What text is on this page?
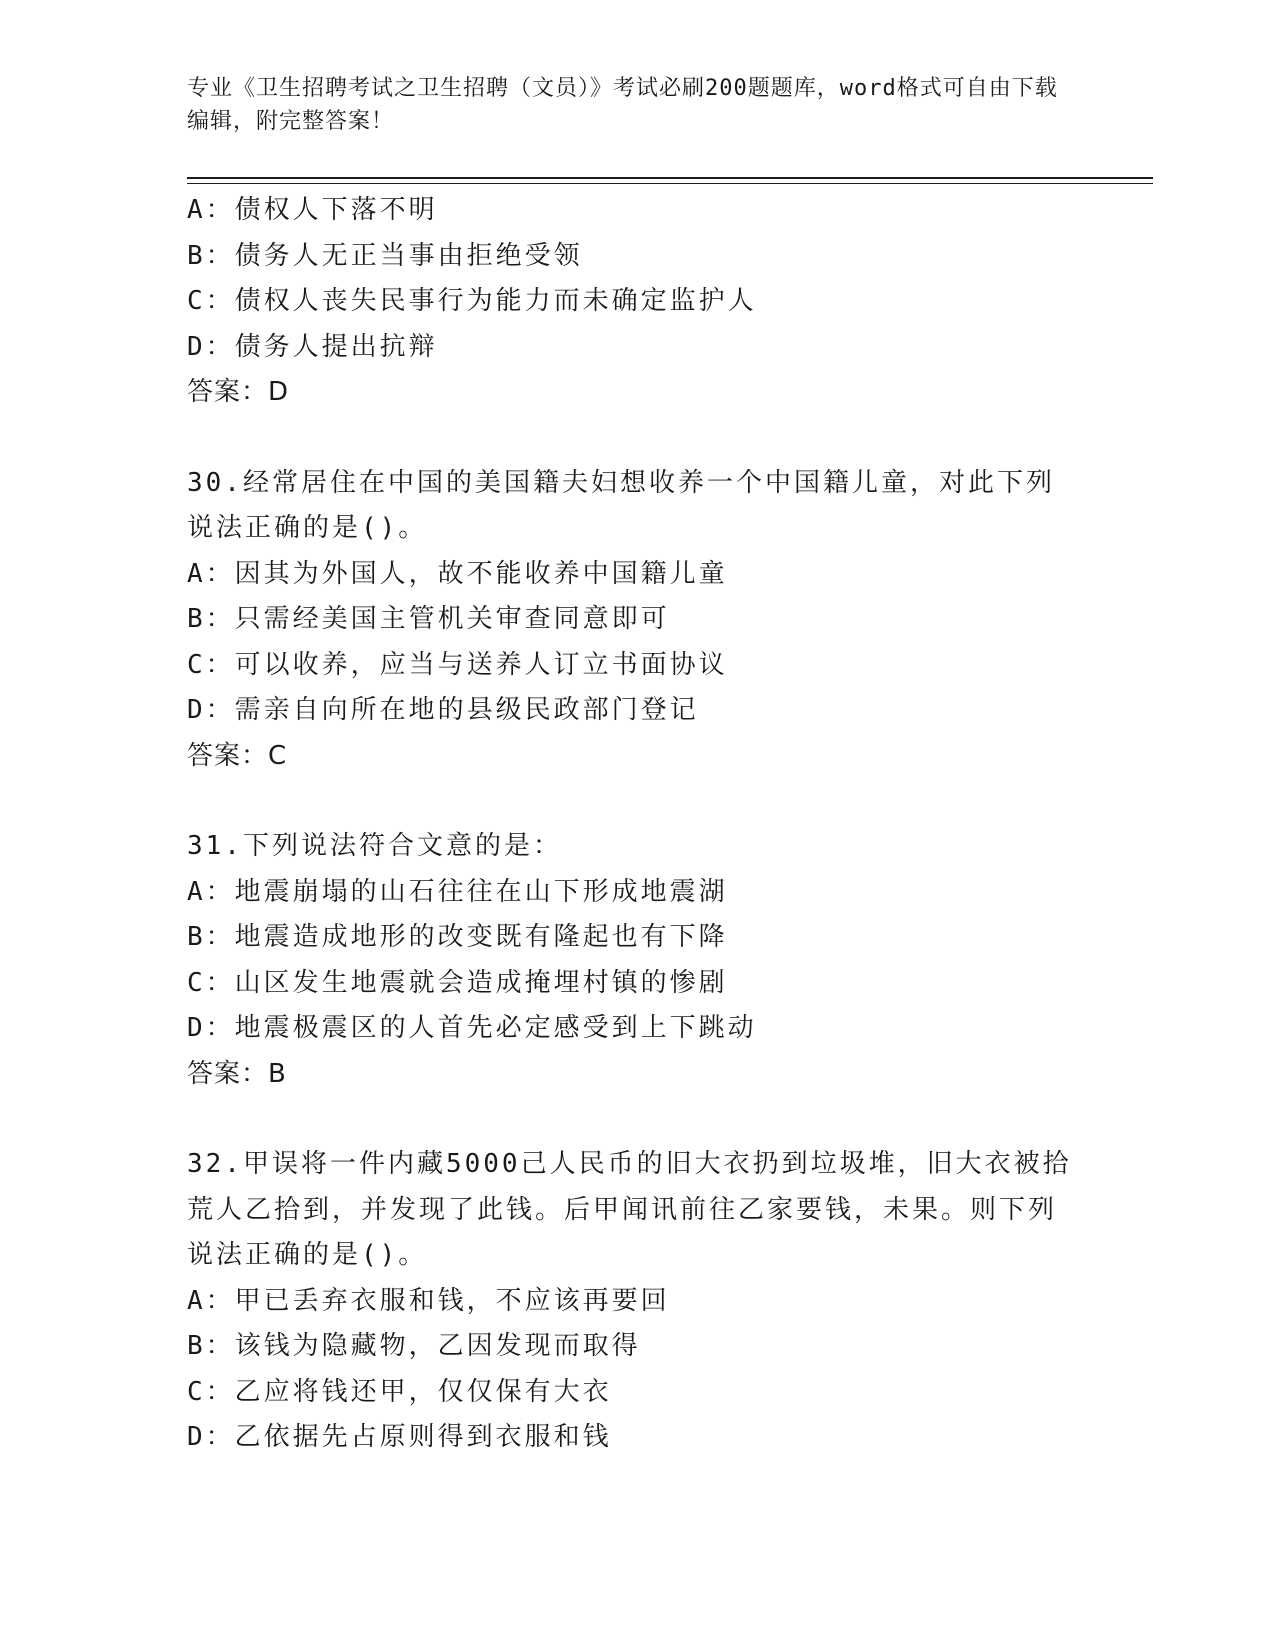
专业《卫生招聘考试之卫生招聘（文员）》考试必刷200题题库，word格式可自由下载编辑，附完整答案！
A：债权人下落不明
B：债务人无正当事由拒绝受领
C：债权人丧失民事行为能力而未确定监护人
D：债务人提出抗辩
答案：D
30.经常居住在中国的美国籍夫妇想收养一个中国籍儿童，对此下列说法正确的是()。
A：因其为外国人，故不能收养中国籍儿童
B：只需经美国主管机关审查同意即可
C：可以收养，应当与送养人订立书面协议
D：需亲自向所在地的县级民政部门登记
答案：C
31.下列说法符合文意的是：
A：地震崩塌的山石往往在山下形成地震湖
B：地震造成地形的改变既有隆起也有下降
C：山区发生地震就会造成掩埋村镇的惨剧
D：地震极震区的人首先必定感受到上下跳动
答案：B
32.甲误将一件内藏5000己人民币的旧大衣扔到垃圾堆，旧大衣被拾荒人乙拾到，并发现了此钱。后甲闻讯前往乙家要钱，未果。则下列说法正确的是()。
A：甲已丢弃衣服和钱，不应该再要回
B：该钱为隐藏物，乙因发现而取得
C：乙应将钱还甲，仅仅保有大衣
D：乙依据先占原则得到衣服和钱
